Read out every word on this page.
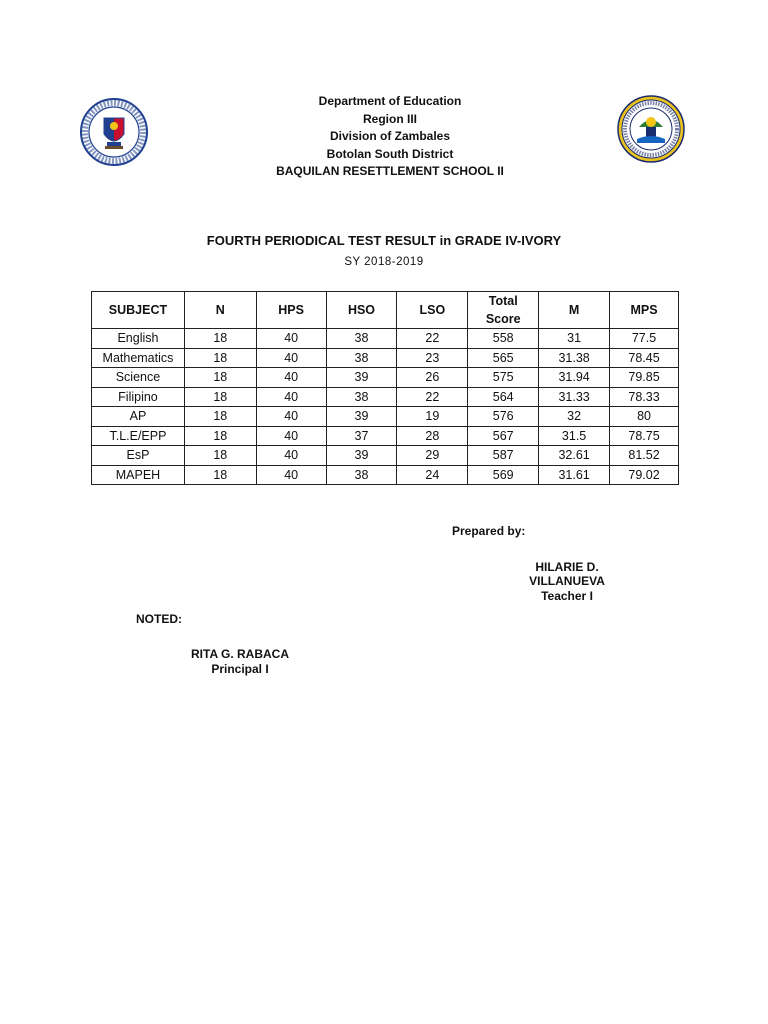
Department of Education
Region III
Division of Zambales
Botolan South District
BAQUILAN RESETTLEMENT SCHOOL II
FOURTH PERIODICAL TEST RESULT in GRADE IV-IVORY
SY 2018-2019
SUBJECT	N	HPS	HSO	LSO	Total Score	M	MPS
English	18	40	38	22	558	31	77.5
Mathematics	18	40	38	23	565	31.38	78.45
Science	18	40	39	26	575	31.94	79.85
Filipino	18	40	38	22	564	31.33	78.33
AP	18	40	39	19	576	32	80
T.L.E/EPP	18	40	37	28	567	31.5	78.75
EsP	18	40	39	29	587	32.61	81.52
MAPEH	18	40	38	24	569	31.61	79.02
Prepared by:
HILARIE D. VILLANUEVA
Teacher I
NOTED:
RITA G. RABACA
Principal I
